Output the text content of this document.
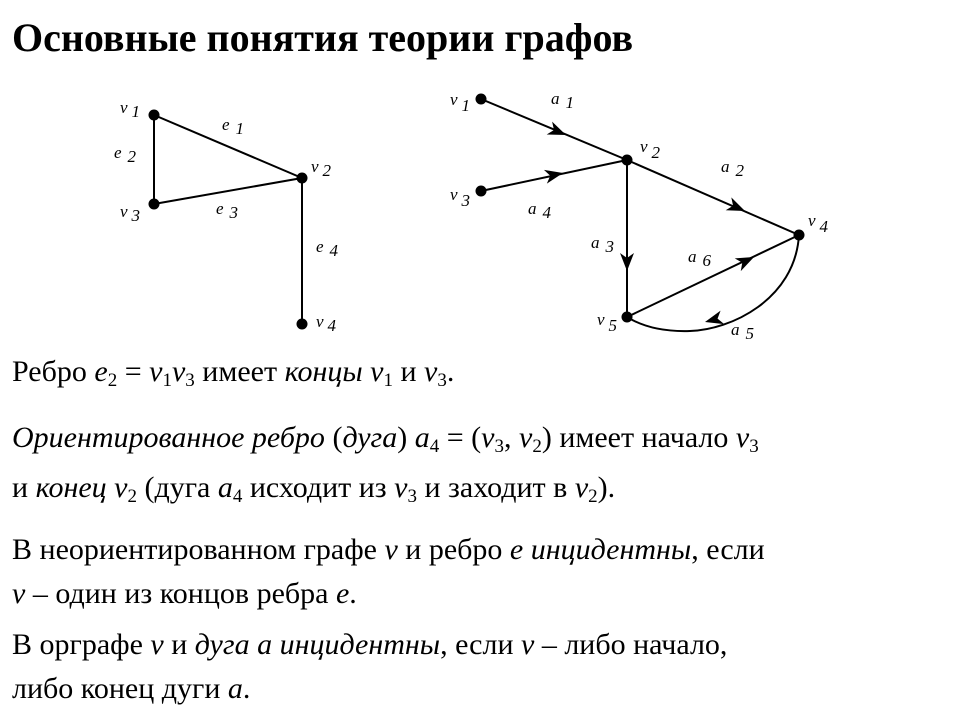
Основные понятия теории графов
v 1
v 2
v 3
v 4
e 1
e 2
e 3
e 4
v 1
v 2
v 3
v 4
v 5
a 1
a 2
a 3
a 4
a 5
a 6
Ребро $e_2 = v_1v_3$ имеет концы $v_1$ и $v_3$.
Ориентированное ребро (дуга) $a_4 = (v_3$, $v_2$) имеет начало $v_3$
и конец $v_2$ (дуга $a_4$ исходит из $v_3$ и заходит в $v_2$).
В неориентированном графе v и ребро e инцидентны, если
v – один из концов ребра e.
В орграфе v и дуга a инцидентны, если v – либо начало,
либо конец дуги a.
